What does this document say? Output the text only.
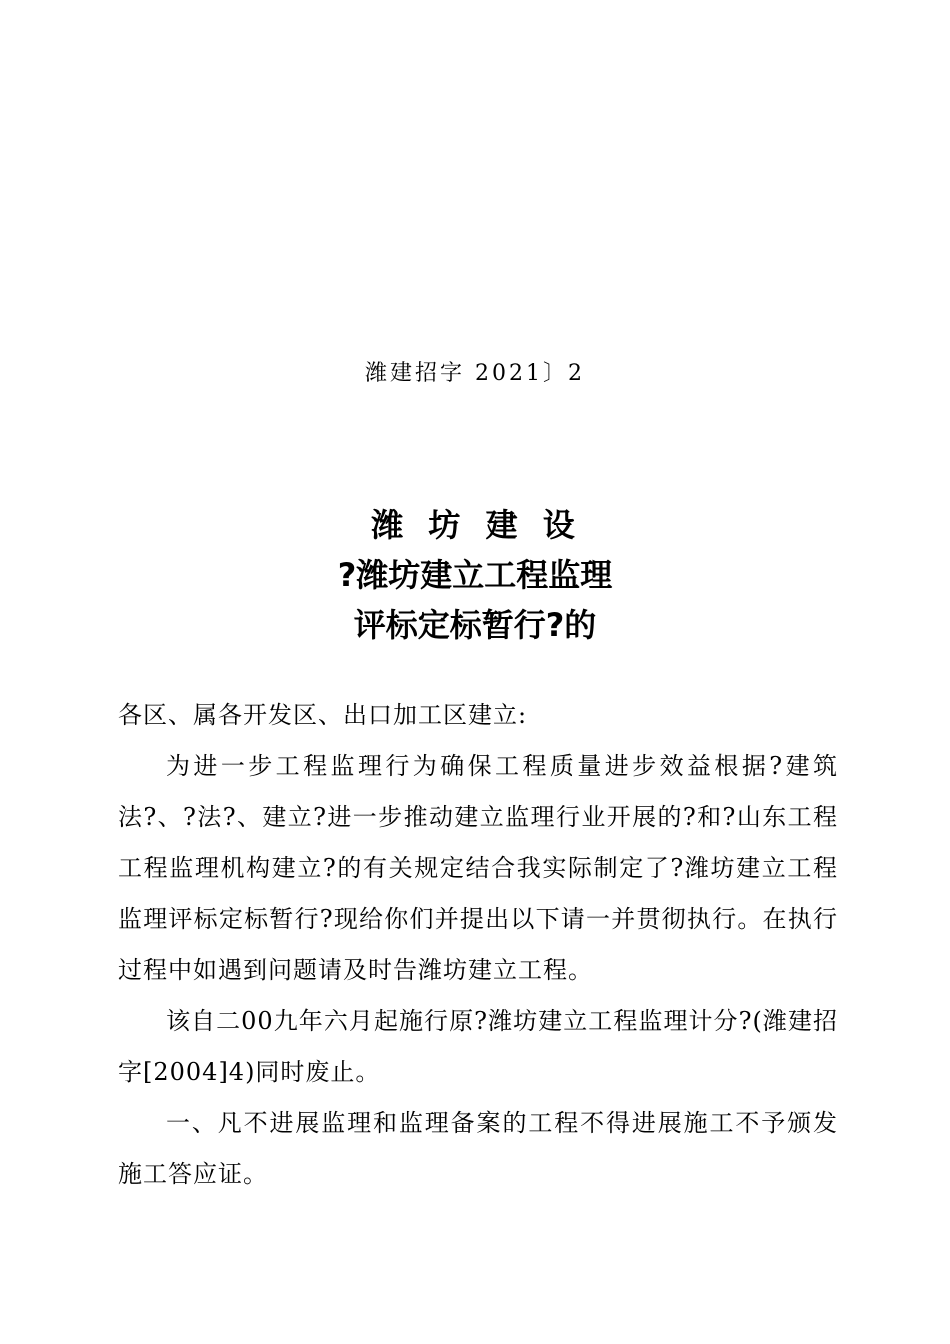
潍建招字 2021〕2
潍 坊 建 设
?潍坊建立工程监理
评标定标暂行?的

各区、属各开发区、出口加工区建立:

为进一步工程监理行为确保工程质量进步效益根据?建筑法?、?法?、建立?进一步推动建立监理行业开展的?和?山东工程工程监理机构建立?的有关规定结合我实际制定了?潍坊建立工程监理评标定标暂行?现给你们并提出以下请一并贯彻执行。在执行过程中如遇到问题请及时告潍坊建立工程。

该自二00九年六月起施行原?潍坊建立工程监理计分?(潍建招字[2004]4)同时废止。

一、凡不进展监理和监理备案的工程不得进展施工不予颁发施工答应证。
